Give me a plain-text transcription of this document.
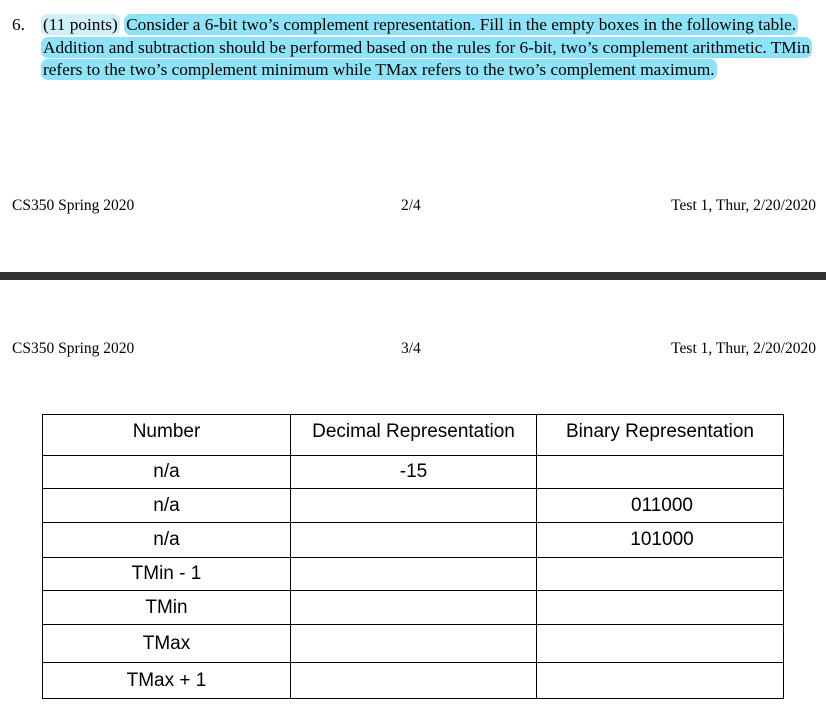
6. (11 points) Consider a 6-bit two’s complement representation. Fill in the empty boxes in the following table. Addition and subtraction should be performed based on the rules for 6-bit, two’s complement arithmetic. TMin refers to the two’s complement minimum while TMax refers to the two’s complement maximum.
CS350 Spring 2020	2/4	Test 1, Thur, 2/20/2020
CS350 Spring 2020	3/4	Test 1, Thur, 2/20/2020
Number	Decimal Representation	Binary Representation
n/a	-15	
n/a		011000
n/a		101000
TMin - 1		
TMin		
TMax		
TMax + 1		
